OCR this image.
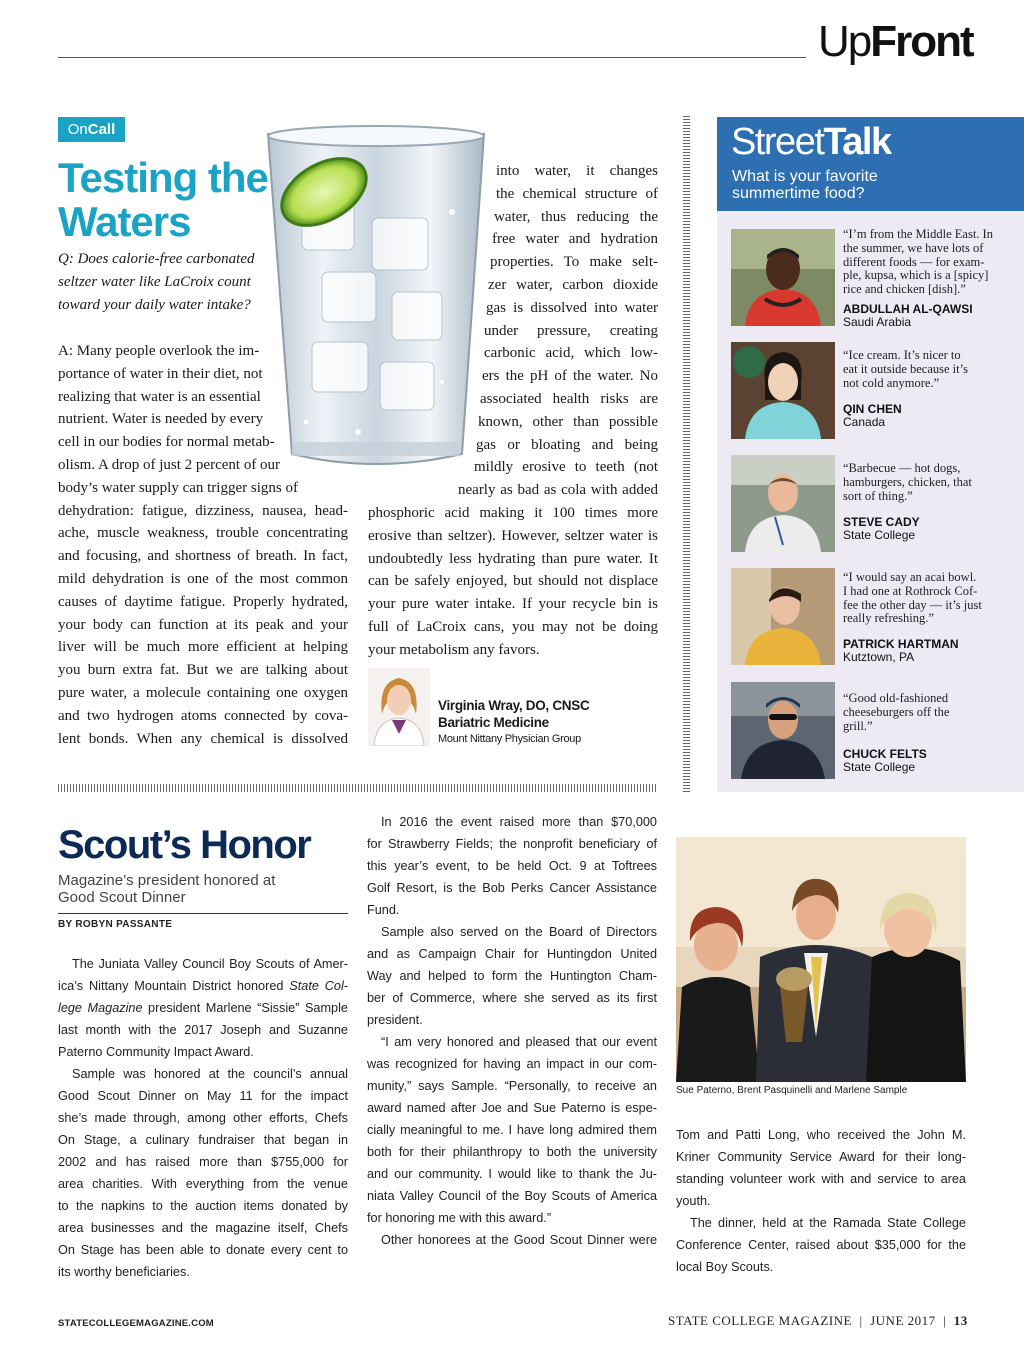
UpFront
OnCall
Testing the
Waters
Q: Does calorie-free carbonated
seltzer water like LaCroix count
toward your daily water intake?
A: Many people overlook the im-
portance of water in their diet, not
realizing that water is an essential
nutrient. Water is needed by every
cell in our bodies for normal metab-
olism. A drop of just 2 percent of our
body’s water supply can trigger signs of
dehydration: fatigue, dizziness, nausea, head-
ache, muscle weakness, trouble concentrating
and focusing, and shortness of breath. In fact,
mild dehydration is one of the most common
causes of daytime fatigue. Properly hydrated,
your body can function at its peak and your
liver will be much more efficient at helping
you burn extra fat. But we are talking about
pure water, a molecule containing one oxygen
and two hydrogen atoms connected by cova-
lent bonds. When any chemical is dissolved
into water, it changes
the chemical structure of
water, thus reducing the
free water and hydration
properties. To make selt-
zer water, carbon dioxide
gas is dissolved into water
under pressure, creating
carbonic acid, which low-
ers the pH of the water. No
associated health risks are
known, other than possible
gas or bloating and being
mildly erosive to teeth (not
nearly as bad as cola with added
phosphoric acid making it 100 times more
erosive than seltzer). However, seltzer water is
undoubtedly less hydrating than pure water. It
can be safely enjoyed, but should not displace
your pure water intake. If your recycle bin is
full of LaCroix cans, you may not be doing
your metabolism any favors.
Virginia Wray, DO, CNSC
Bariatric Medicine
Mount Nittany Physician Group
StreetTalk
What is your favorite
summertime food?
“I’m from the Middle East. In
the summer, we have lots of
different foods — for exam-
ple, kupsa, which is a [spicy]
rice and chicken [dish].”
ABDULLAH AL-QAWSI
Saudi Arabia
“Ice cream. It’s nicer to
eat it outside because it’s
not cold anymore.”
QIN CHEN
Canada
“Barbecue — hot dogs,
hamburgers, chicken, that
sort of thing.”
STEVE CADY
State College
“I would say an acai bowl.
I had one at Rothrock Cof-
fee the other day — it’s just
really refreshing.”
PATRICK HARTMAN
Kutztown, PA
“Good old-fashioned
cheeseburgers off the
grill.”
CHUCK FELTS
State College
Scout’s Honor
Magazine’s president honored at
Good Scout Dinner
BY ROBYN PASSANTE
The Juniata Valley Council Boy Scouts of Amer-
ica’s Nittany Mountain District honored State Col-
lege Magazine president Marlene “Sissie” Sample
last month with the 2017 Joseph and Suzanne
Paterno Community Impact Award.
Sample was honored at the council’s annual
Good Scout Dinner on May 11 for the impact
she’s made through, among other efforts, Chefs
On Stage, a culinary fundraiser that began in
2002 and has raised more than $755,000 for
area charities. With everything from the venue
to the napkins to the auction items donated by
area businesses and the magazine itself, Chefs
On Stage has been able to donate every cent to
its worthy beneficiaries.
In 2016 the event raised more than $70,000
for Strawberry Fields; the nonprofit beneficiary of
this year’s event, to be held Oct. 9 at Toftrees
Golf Resort, is the Bob Perks Cancer Assistance
Fund.
Sample also served on the Board of Directors
and as Campaign Chair for Huntingdon United
Way and helped to form the Huntington Cham-
ber of Commerce, where she served as its first
president.
“I am very honored and pleased that our event
was recognized for having an impact in our com-
munity,” says Sample. “Personally, to receive an
award named after Joe and Sue Paterno is espe-
cially meaningful to me. I have long admired them
both for their philanthropy to both the university
and our community. I would like to thank the Ju-
niata Valley Council of the Boy Scouts of America
for honoring me with this award.”
Other honorees at the Good Scout Dinner were
Sue Paterno, Brent Pasquinelli and Marlene Sample
Tom and Patti Long, who received the John M.
Kriner Community Service Award for their long-
standing volunteer work with and service to area
youth.
The dinner, held at the Ramada State College
Conference Center, raised about $35,000 for the
local Boy Scouts.
STATECOLLEGEMAGAZINE.COM	STATE COLLEGE MAGAZINE | JUNE 2017 | 13
